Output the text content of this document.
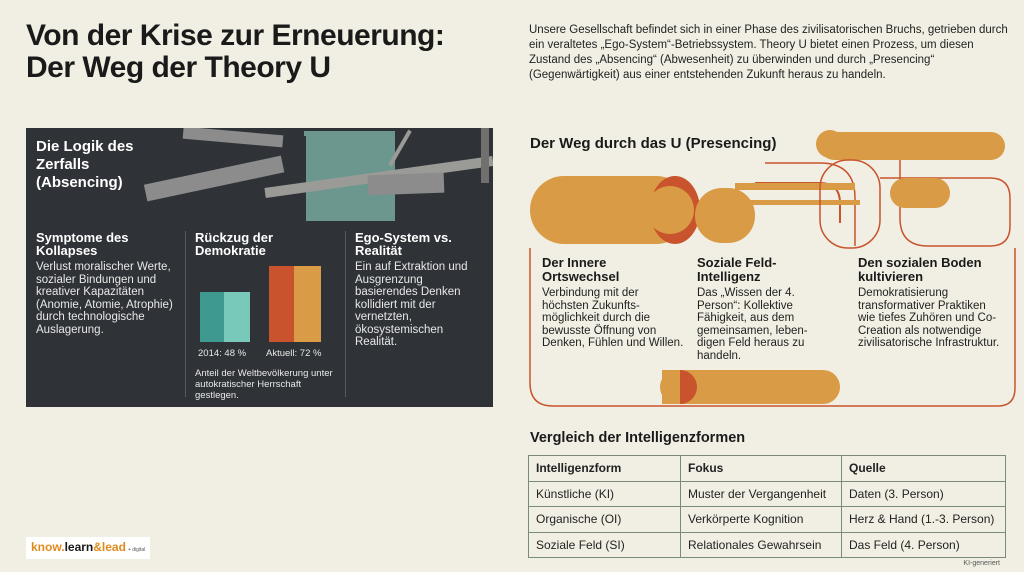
Von der Krise zur Erneuerung:
Der Weg der Theory U

Unsere Gesellschaft befindet sich in einer Phase des zivilisatorischen Bruchs, getrieben durch ein veraltetes „Ego-System“-Betriebssystem. Theory U bietet einen Prozess, um diesen Zustand des „Absencing“ (Abwesenheit) zu überwinden und durch „Presencing“ (Gegenwärtigkeit) aus einer entstehenden Zukunft heraus zu handeln.

Die Logik des Zerfalls (Absencing)
Symptome des Kollapses
Verlust moralischer Werte, sozialer Bindungen und kreativer Kapazitäten (Anomie, Atomie, Atrophie) durch technologische Auslagerung.
Rückzug der Demokratie
2014: 48 % Aktuell: 72 %
Anteil der Weltbevölkerung unter autokratischer Herrschaft gestlegen.
Ego-System vs. Realität
Ein auf Extraktion und Ausgrenzung basierendes Denken kollidiert mit der vernetzten, ökosystemischen Realität.
Der Weg durch das U (Presencing)
Der Innere Ortswechsel
Verbindung mit der höchsten Zukunfts-möglichkeit durch die bewusste Öffnung von Denken, Fühlen und Willen.
Soziale Feld-Intelligenz
Das „Wissen der 4. Person“: Kollektive Fähigkeit, aus dem gemeinsamen, leben-digen Feld heraus zu handeln.
Den sozialen Boden kultivieren
Demokratisierung transformativer Praktiken wie tiefes Zuhören und Co-Creation als notwendige zivilisatorische Infrastruktur.
Vergleich der Intelligenzformen
Intelligenzform	Fokus	Quelle
Künstliche (KI)	Muster der Vergangenheit	Daten (3. Person)
Organische (OI)	Verkörperte Kognition	Herz & Hand (1.-3. Person)
Soziale Feld (SI)	Relationales Gewahrsein	Das Feld (4. Person)
know.learn&lead + digital
KI-generiert
